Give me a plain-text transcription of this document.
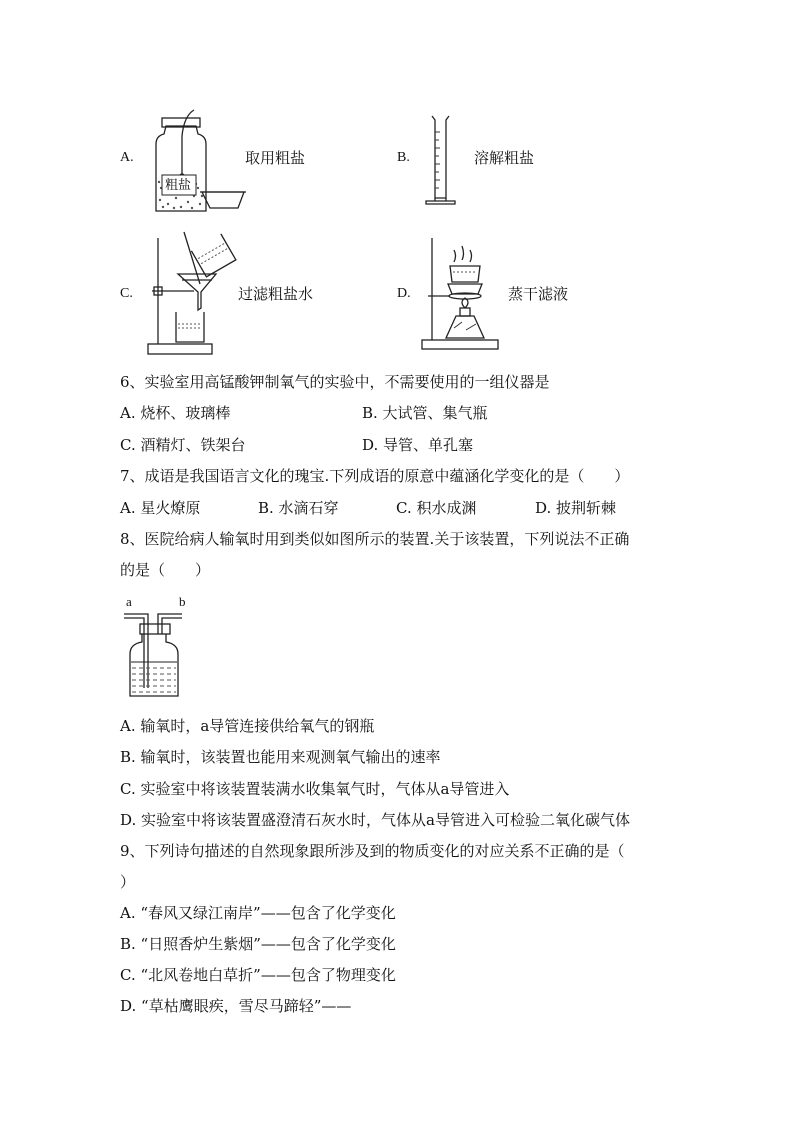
A.
粗盐
取用粗盐	B.	溶解粗盐
C.	过滤粗盐水	D.	蒸干滤液
6、实验室用高锰酸钾制氧气的实验中，不需要使用的一组仪器是
A. 烧杯、玻璃棒	B. 大试管、集气瓶
C. 酒精灯、铁架台	D. 导管、单孔塞
7、成语是我国语言文化的瑰宝.下列成语的原意中蕴涵化学变化的是（　　）
A. 星火燎原	B. 水滴石穿	C. 积水成渊	D. 披荆斩棘
8、医院给病人输氧时用到类似如图所示的装置.关于该装置，下列说法不正确
的是（　　）
a	b
A. 输氧时，a导管连接供给氧气的钢瓶
B. 输氧时，该装置也能用来观测氧气输出的速率
C. 实验室中将该装置装满水收集氧气时，气体从a导管进入
D. 实验室中将该装置盛澄清石灰水时，气体从a导管进入可检验二氧化碳气体
9、下列诗句描述的自然现象跟所涉及到的物质变化的对应关系不正确的是（
）
A. “春风又绿江南岸”——包含了化学变化
B. “日照香炉生紫烟”——包含了化学变化
C. “北风卷地白草折”——包含了物理变化
D. “草枯鹰眼疾，雪尽马蹄轻”——
